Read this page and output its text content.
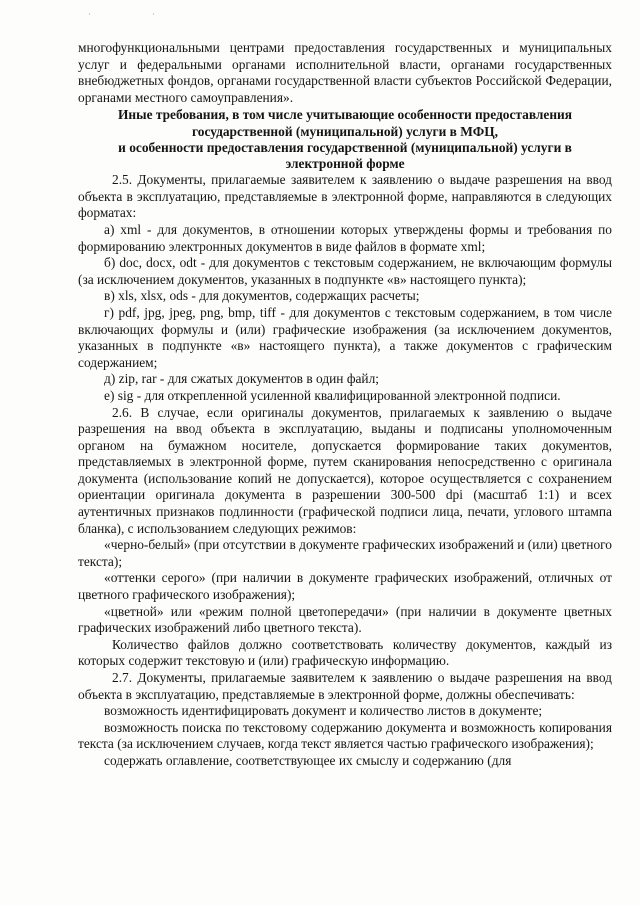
·	·

многофункциональными центрами предоставления государственных и муниципальных услуг и федеральными органами исполнительной власти, органами государственных внебюджетных фондов, органами государственной власти субъектов Российской Федерации, органами местного самоуправления».

Иные требования, в том числе учитывающие особенности предоставления

государственной (муниципальной) услуги в МФЦ,

и особенности предоставления государственной (муниципальной) услуги в

электронной форме

2.5. Документы, прилагаемые заявителем к заявлению о выдаче разрешения на ввод объекта в эксплуатацию, представляемые в электронной форме, направляются в следующих форматах:

а) xml - для документов, в отношении которых утверждены формы и требования по формированию электронных документов в виде файлов в формате xml;

б) doc, docx, odt - для документов с текстовым содержанием, не включающим формулы (за исключением документов, указанных в подпункте «в» настоящего пункта);

в) xls, xlsx, ods - для документов, содержащих расчеты;

г) pdf, jpg, jpeg, png, bmp, tiff - для документов с текстовым содержанием, в том числе включающих формулы и (или) графические изображения (за исключением документов, указанных в подпункте «в» настоящего пункта), а также документов с графическим содержанием;

д) zip, rar - для сжатых документов в один файл;

е) sig - для открепленной усиленной квалифицированной электронной подписи.

2.6. В случае, если оригиналы документов, прилагаемых к заявлению о выдаче разрешения на ввод объекта в эксплуатацию, выданы и подписаны уполномоченным органом на бумажном носителе, допускается формирование таких документов, представляемых в электронной форме, путем сканирования непосредственно с оригинала документа (использование копий не допускается), которое осуществляется с сохранением ориентации оригинала документа в разрешении 300-500 dpi (масштаб 1:1) и всех аутентичных признаков подлинности (графической подписи лица, печати, углового штампа бланка), с использованием следующих режимов:

«черно-белый» (при отсутствии в документе графических изображений и (или) цветного текста);

«оттенки серого» (при наличии в документе графических изображений, отличных от цветного графического изображения);

«цветной» или «режим полной цветопередачи» (при наличии в документе цветных графических изображений либо цветного текста).

Количество файлов должно соответствовать количеству документов, каждый из которых содержит текстовую и (или) графическую информацию.

2.7. Документы, прилагаемые заявителем к заявлению о выдаче разрешения на ввод объекта в эксплуатацию, представляемые в электронной форме, должны обеспечивать:

возможность идентифицировать документ и количество листов в документе;

возможность поиска по текстовому содержанию документа и возможность копирования текста (за исключением случаев, когда текст является частью графического изображения);

содержать оглавление, соответствующее их смыслу и содержанию (для
